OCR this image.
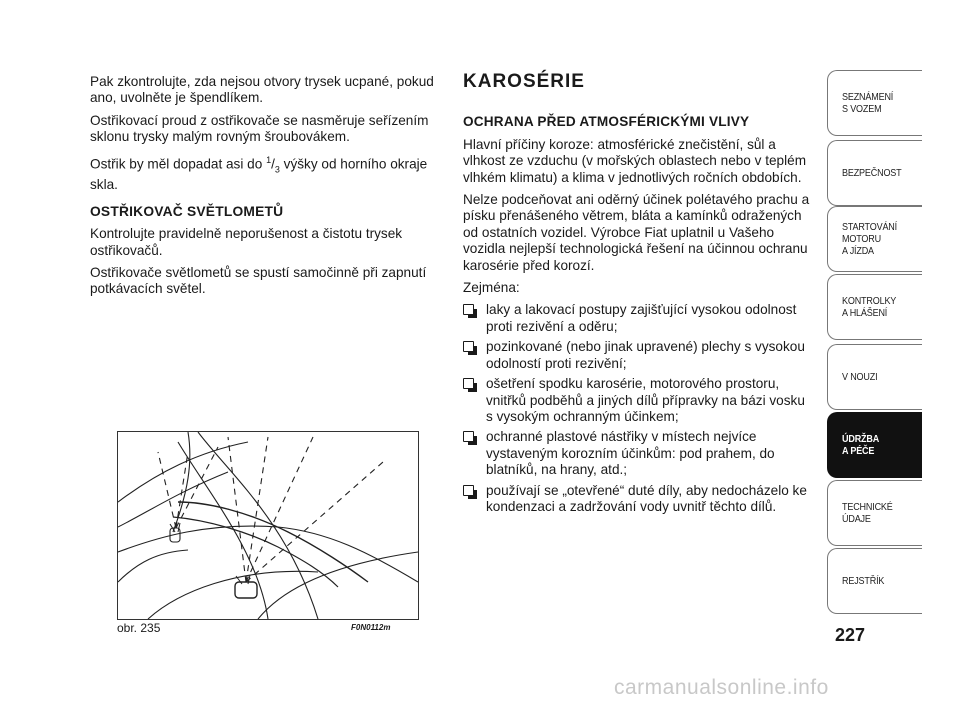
Pak zkontrolujte, zda nejsou otvory trysek ucpané, pokud ano, uvolněte je špendlíkem.

Ostřikovací proud z ostřikovače se nasměruje seřízením sklonu trysky malým rovným šroubovákem.

Ostřik by měl dopadat asi do $^1/_3$ výšky od horního okraje skla.

OSTŘIKOVAČ SVĚTLOMETŮ

Kontrolujte pravidelně neporušenost a čistotu trysek ostřikovačů.

Ostřikovače světlometů se spustí samočinně při zapnutí potkávacích světel.

obr. 235	F0N0112m
KAROSÉRIE
OCHRANA PŘED ATMOSFÉRICKÝMI VLIVY

Hlavní příčiny koroze: atmosférické znečistění, sůl a vlhkost ze vzduchu (v mořských oblastech nebo v teplém vlhkém klimatu) a klima v jednotlivých ročních obdobích.

Nelze podceňovat ani oděrný účinek polétavého prachu a písku přenášeného větrem, bláta a kamínků odražených od ostatních vozidel. Výrobce Fiat uplatnil u Vašeho vozidla nejlepší technologická řešení na účinnou ochranu karosérie před korozí.

Zejména:

laky a lakovací postupy zajišťující vysokou odolnost proti rezivění a oděru;
pozinkované (nebo jinak upravené) plechy s vysokou odolností proti rezivění;
ošetření spodku karosérie, motorového prostoru, vnitřků podběhů a jiných dílů přípravky na bázi vosku s vysokým ochranným účinkem;
ochranné plastové nástřiky v místech nejvíce vystaveným korozním účinkům: pod prahem, do blatníků, na hrany, atd.;
používají se „otevřené“ duté díly, aby nedocházelo ke kondenzaci a zadržování vody uvnitř těchto dílů.
SEZNÁMENÍ
S VOZEM
BEZPEČNOST
STARTOVÁNÍ
MOTORU
A JÍZDA
KONTROLKY
A HLÁŠENÍ
V NOUZI
ÚDRŽBA
A PÉČE
TECHNICKÉ
ÚDAJE
REJSTŘÍK
227
carmanualsonline.info
